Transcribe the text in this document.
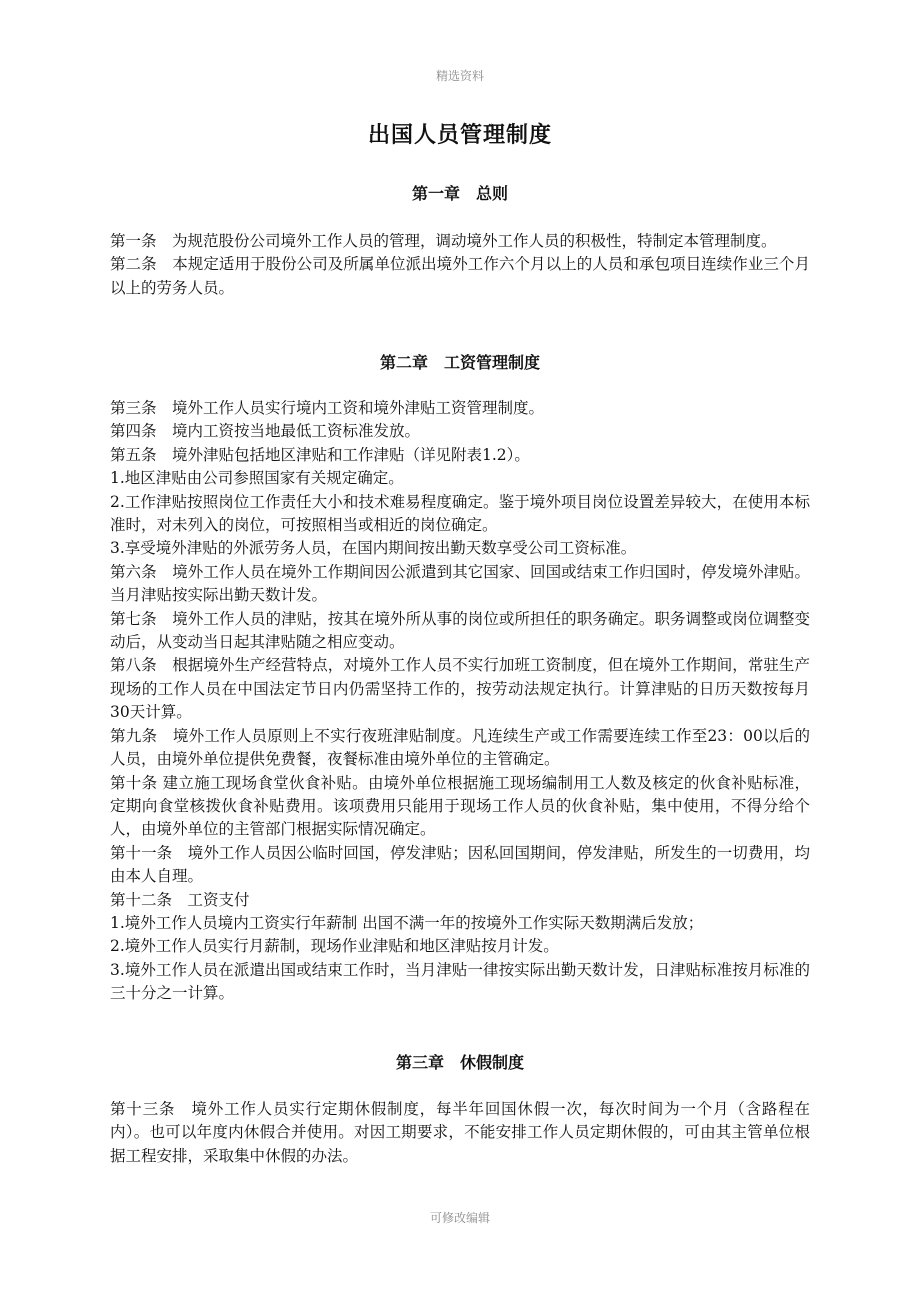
精选资料
出国人员管理制度
第一章　总则

第一条　为规范股份公司境外工作人员的管理，调动境外工作人员的积极性，特制定本管理制度。

第二条　本规定适用于股份公司及所属单位派出境外工作六个月以上的人员和承包项目连续作业三个月以上的劳务人员。

第二章　工资管理制度

第三条　境外工作人员实行境内工资和境外津贴工资管理制度。

第四条　境内工资按当地最低工资标准发放。

第五条　境外津贴包括地区津贴和工作津贴（详见附表1.2）。

1.地区津贴由公司参照国家有关规定确定。

2.工作津贴按照岗位工作责任大小和技术难易程度确定。鉴于境外项目岗位设置差异较大，在使用本标准时，对未列入的岗位，可按照相当或相近的岗位确定。

3.享受境外津贴的外派劳务人员，在国内期间按出勤天数享受公司工资标准。

第六条　境外工作人员在境外工作期间因公派遣到其它国家、回国或结束工作归国时，停发境外津贴。当月津贴按实际出勤天数计发。

第七条　境外工作人员的津贴，按其在境外所从事的岗位或所担任的职务确定。职务调整或岗位调整变动后，从变动当日起其津贴随之相应变动。

第八条　根据境外生产经营特点，对境外工作人员不实行加班工资制度，但在境外工作期间，常驻生产现场的工作人员在中国法定节日内仍需坚持工作的，按劳动法规定执行。计算津贴的日历天数按每月30天计算。

第九条　境外工作人员原则上不实行夜班津贴制度。凡连续生产或工作需要连续工作至23：00以后的人员，由境外单位提供免费餐，夜餐标准由境外单位的主管确定。

第十条 建立施工现场食堂伙食补贴。由境外单位根据施工现场编制用工人数及核定的伙食补贴标准，定期向食堂核拨伙食补贴费用。该项费用只能用于现场工作人员的伙食补贴，集中使用，不得分给个人，由境外单位的主管部门根据实际情况确定。

第十一条　境外工作人员因公临时回国，停发津贴；因私回国期间，停发津贴，所发生的一切费用，均由本人自理。

第十二条　工资支付

1.境外工作人员境内工资实行年薪制 出国不满一年的按境外工作实际天数期满后发放；

2.境外工作人员实行月薪制，现场作业津贴和地区津贴按月计发。

3.境外工作人员在派遣出国或结束工作时，当月津贴一律按实际出勤天数计发，日津贴标准按月标准的三十分之一计算。

第三章　休假制度

第十三条　境外工作人员实行定期休假制度，每半年回国休假一次，每次时间为一个月（含路程在内）。也可以年度内休假合并使用。对因工期要求，不能安排工作人员定期休假的，可由其主管单位根据工程安排，采取集中休假的办法。

可修改编辑
